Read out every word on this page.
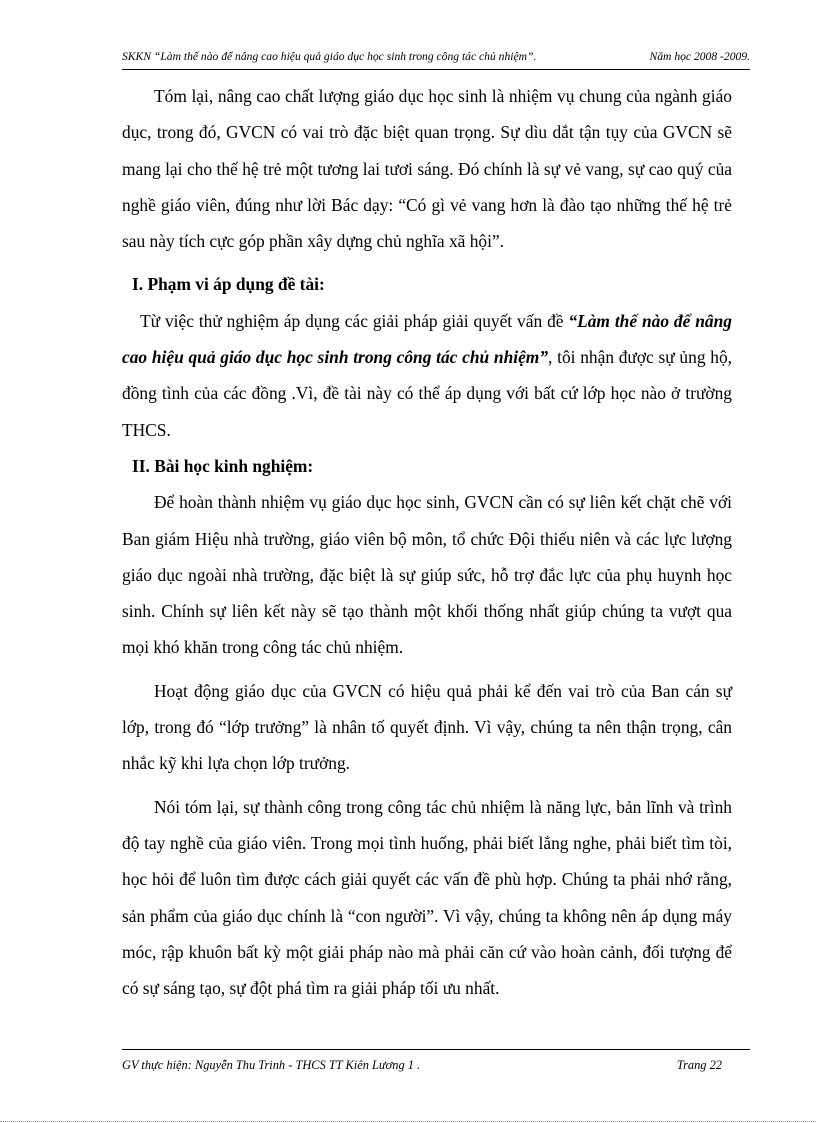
SKKN “Làm thế nào để nâng cao hiệu quả giáo dục học sinh trong công tác chủ nhiệm”.	Năm học 2008 -2009.

Tóm lại, nâng cao chất lượng giáo dục học sinh là nhiệm vụ chung của ngành giáo dục, trong đó, GVCN có vai trò đặc biệt quan trọng. Sự dìu dắt tận tụy của GVCN sẽ mang lại cho thế hệ trẻ một tương lai tươi sáng. Đó chính là sự vẻ vang, sự cao quý của nghề giáo viên, đúng như lời Bác dạy: “Có gì vẻ vang hơn là đào tạo những thế hệ trẻ sau này tích cực góp phần xây dựng chủ nghĩa xã hội”.

I. Phạm vi áp dụng đề tài:

Từ việc thử nghiệm áp dụng các giải pháp giải quyết vấn đề “Làm thế nào để nâng cao hiệu quả giáo dục học sinh trong công tác chủ nhiệm”, tôi nhận được sự ủng hộ, đồng tình của các đồng .Vì, đề tài này có thể áp dụng với bất cứ lớp học nào ở trường THCS.

II. Bài học kinh nghiệm:

Để hoàn thành nhiệm vụ giáo dục học sinh, GVCN cần có sự liên kết chặt chẽ với Ban giám Hiệu nhà trường, giáo viên bộ môn, tổ chức Đội thiếu niên và các lực lượng giáo dục ngoài nhà trường, đặc biệt là sự giúp sức, hỗ trợ đắc lực của phụ huynh học sinh. Chính sự liên kết này sẽ tạo thành một khối thống nhất giúp chúng ta vượt qua mọi khó khăn trong công tác chủ nhiệm.

Hoạt động giáo dục của GVCN có hiệu quả phải kể đến vai trò của Ban cán sự lớp, trong đó “lớp trưởng” là nhân tố quyết định. Vì vậy, chúng ta nên thận trọng, cân nhắc kỹ khi lựa chọn lớp trưởng.

Nói tóm lại, sự thành công trong công tác chủ nhiệm là năng lực, bản lĩnh và trình độ tay nghề của giáo viên. Trong mọi tình huống, phải biết lắng nghe, phải biết tìm tòi, học hỏi để luôn tìm được cách giải quyết các vấn đề phù hợp. Chúng ta phải nhớ rằng, sản phẩm của giáo dục chính là “con người”. Vì vậy, chúng ta không nên áp dụng máy móc, rập khuôn bất kỳ một giải pháp nào mà phải căn cứ vào hoàn cảnh, đối tượng để có sự sáng tạo, sự đột phá tìm ra giải pháp tối ưu nhất.

GV thực hiện: Nguyễn Thu Trinh - THCS TT Kiên Lương 1 .	Trang 22
